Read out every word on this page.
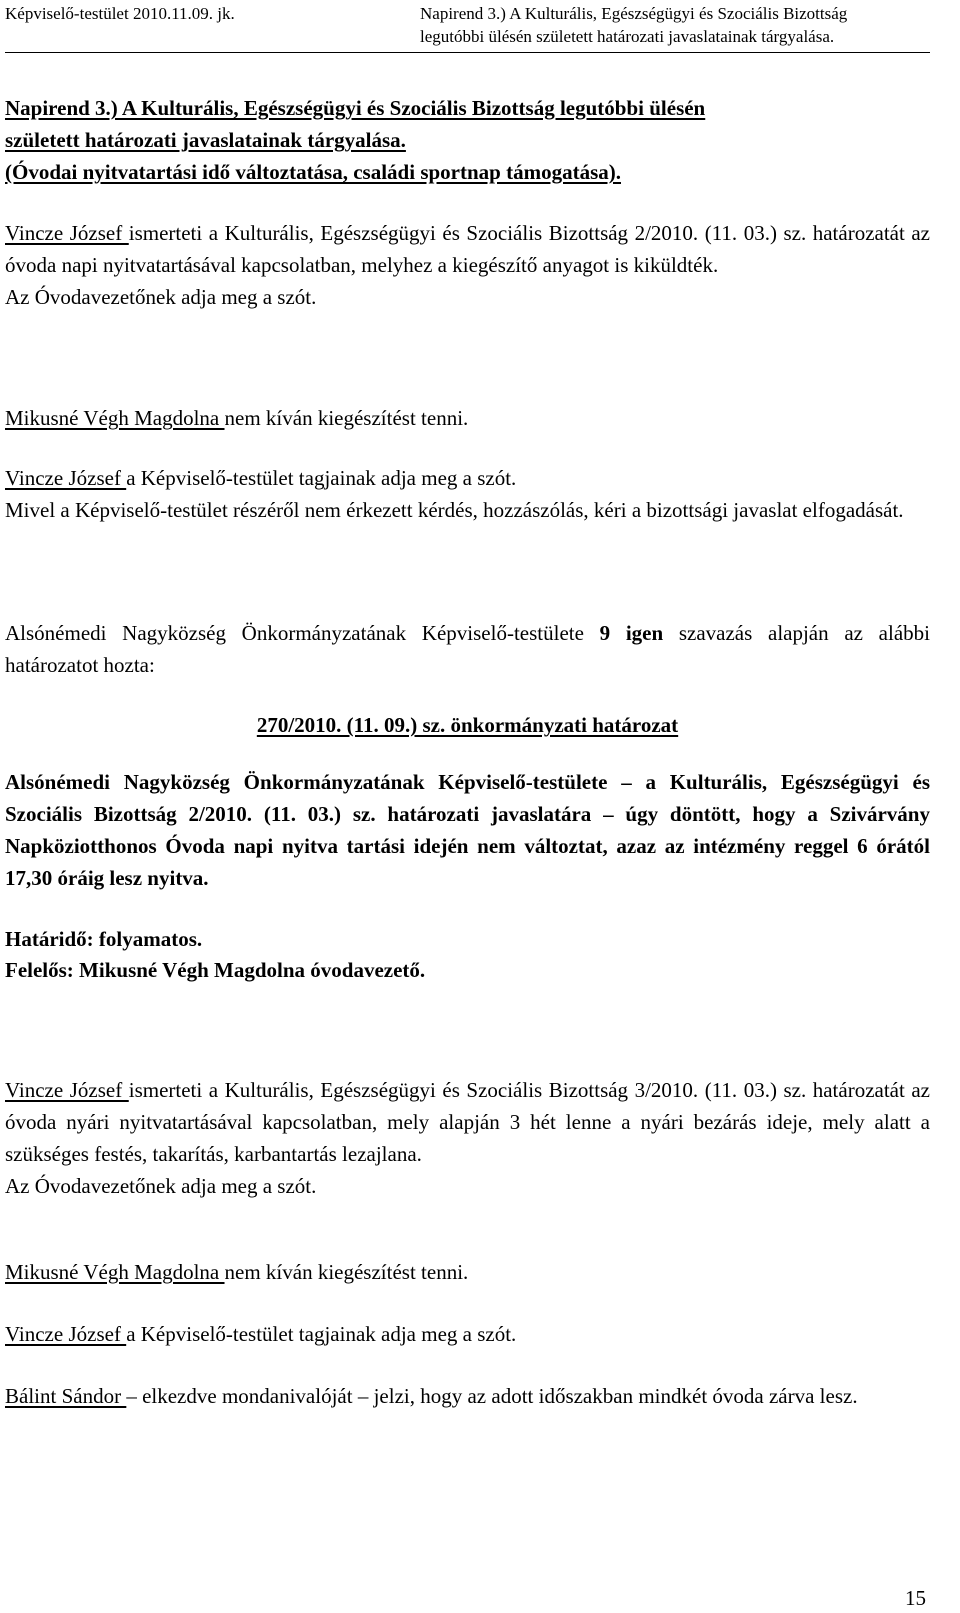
Képviselő-testület 2010.11.09. jk.	Napirend 3.) A Kulturális, Egészségügyi és Szociális Bizottság
legutóbbi ülésén született határozati javaslatainak tárgyalása.
Napirend 3.) A Kulturális, Egészségügyi és Szociális Bizottság legutóbbi ülésén
született határozati javaslatainak tárgyalása.
(Óvodai nyitvatartási idő változtatása, családi sportnap támogatása).
Vincze József ismerteti a Kulturális, Egészségügyi és Szociális Bizottság 2/2010. (11. 03.) sz. határozatát az óvoda napi nyitvatartásával kapcsolatban, melyhez a kiegészítő anyagot is kiküldték.
Az Óvodavezetőnek adja meg a szót.
Mikusné Végh Magdolna nem kíván kiegészítést tenni.
Vincze József a Képviselő-testület tagjainak adja meg a szót.
Mivel a Képviselő-testület részéről nem érkezett kérdés, hozzászólás, kéri a bizottsági javaslat elfogadását.
Alsónémedi Nagyközség Önkormányzatának Képviselő-testülete 9 igen szavazás alapján az alábbi határozatot hozta:
270/2010. (11. 09.) sz. önkormányzati határozat
Alsónémedi Nagyközség Önkormányzatának Képviselő-testülete – a Kulturális, Egészségügyi és Szociális Bizottság 2/2010. (11. 03.) sz. határozati javaslatára – úgy döntött, hogy a Szivárvány Napköziotthonos Óvoda napi nyitva tartási idején nem változtat, azaz az intézmény reggel 6 órától 17,30 óráig lesz nyitva.
Határidő: folyamatos.
Felelős: Mikusné Végh Magdolna óvodavezető.
Vincze József ismerteti a Kulturális, Egészségügyi és Szociális Bizottság 3/2010. (11. 03.) sz. határozatát az óvoda nyári nyitvatartásával kapcsolatban, mely alapján 3 hét lenne a nyári bezárás ideje, mely alatt a szükséges festés, takarítás, karbantartás lezajlana.
Az Óvodavezetőnek adja meg a szót.
Mikusné Végh Magdolna nem kíván kiegészítést tenni.
Vincze József a Képviselő-testület tagjainak adja meg a szót.
Bálint Sándor – elkezdve mondanivalóját – jelzi, hogy az adott időszakban mindkét óvoda zárva lesz.
15
